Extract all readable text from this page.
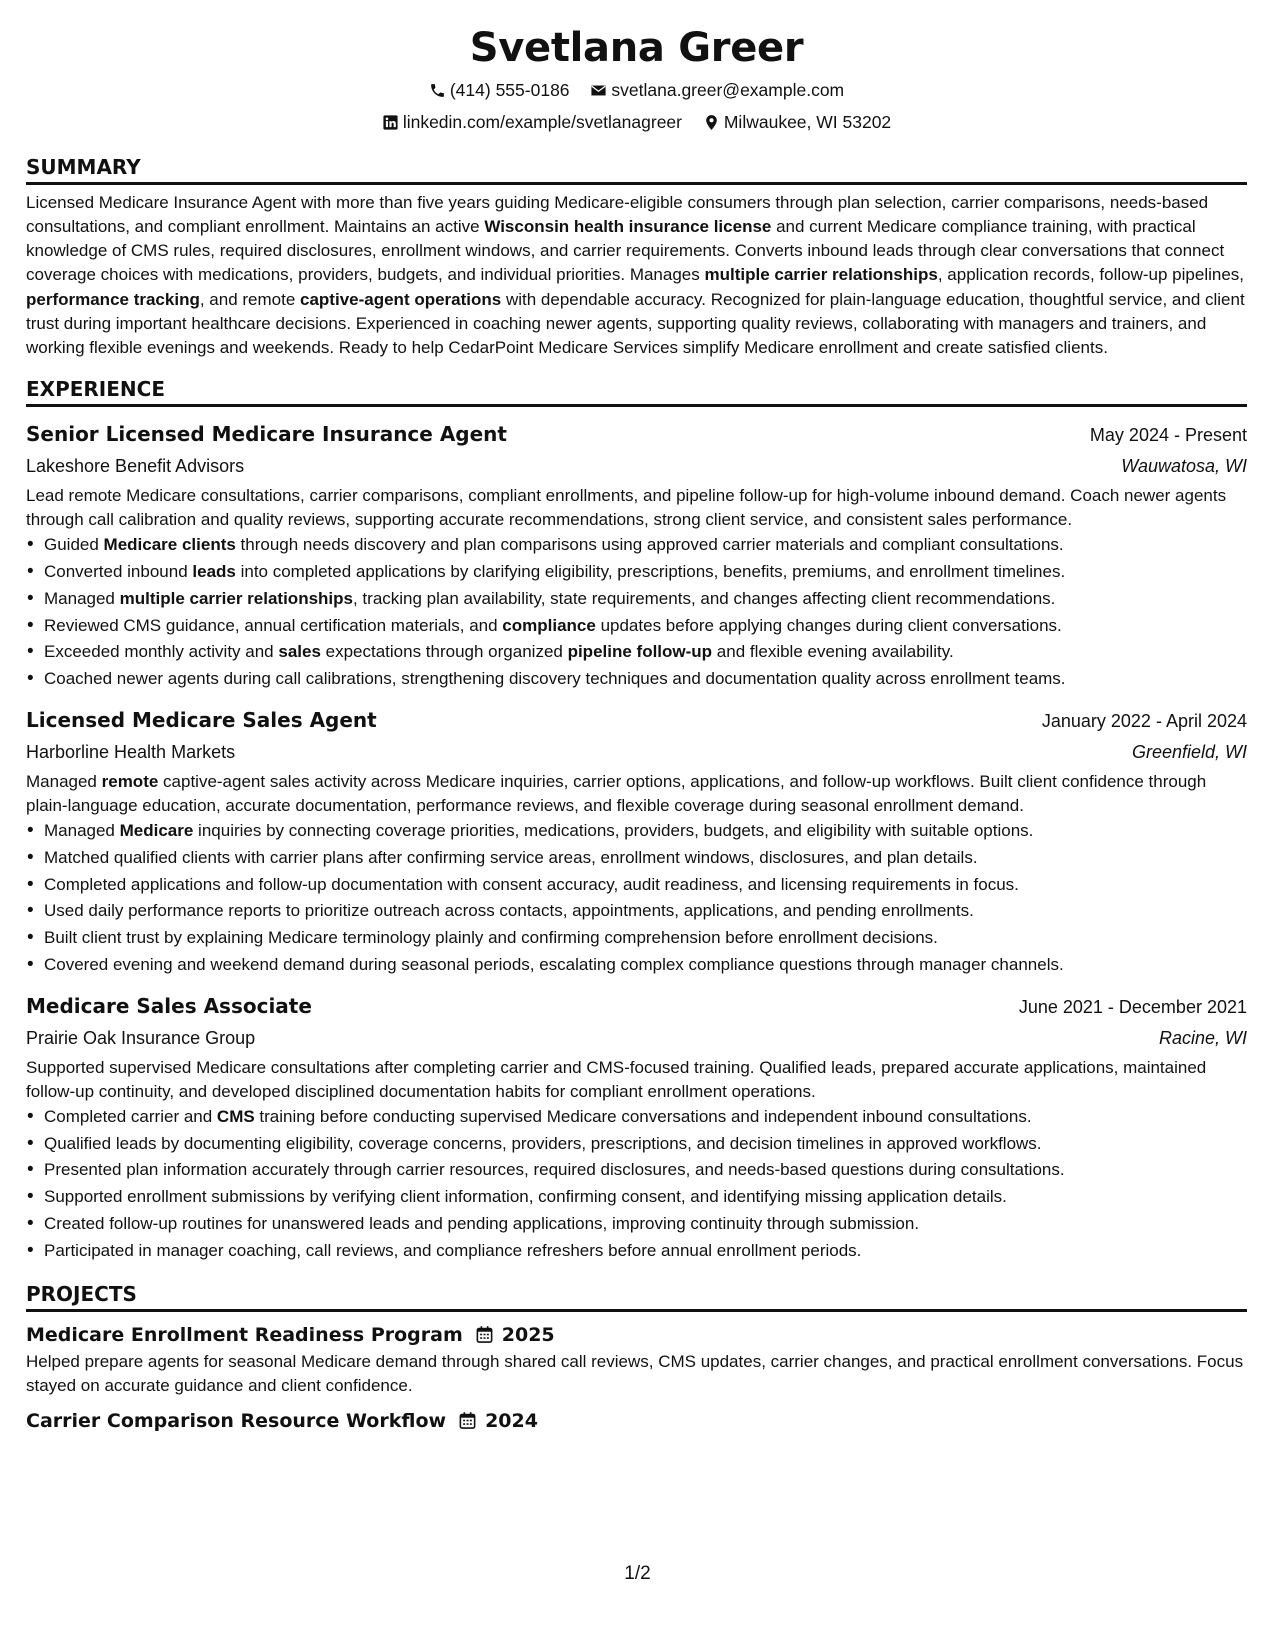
Svetlana Greer
(414) 555-0186
svetlana.greer@example.com
linkedin.com/example/svetlanagreer
Milwaukee, WI 53202
SUMMARY
Licensed Medicare Insurance Agent with more than five years guiding Medicare-eligible consumers through plan selection, carrier comparisons, needs-based consultations, and compliant enrollment. Maintains an active Wisconsin health insurance license and current Medicare compliance training, with practical knowledge of CMS rules, required disclosures, enrollment windows, and carrier requirements. Converts inbound leads through clear conversations that connect coverage choices with medications, providers, budgets, and individual priorities. Manages multiple carrier relationships, application records, follow-up pipelines, performance tracking, and remote captive-agent operations with dependable accuracy. Recognized for plain-language education, thoughtful service, and client trust during important healthcare decisions. Experienced in coaching newer agents, supporting quality reviews, collaborating with managers and trainers, and working flexible evenings and weekends. Ready to help CedarPoint Medicare Services simplify Medicare enrollment and create satisfied clients.
EXPERIENCE
Senior Licensed Medicare Insurance Agent	May 2024 - Present
Lakeshore Benefit Advisors	Wauwatosa, WI
Lead remote Medicare consultations, carrier comparisons, compliant enrollments, and pipeline follow-up for high-volume inbound demand. Coach newer agents through call calibration and quality reviews, supporting accurate recommendations, strong client service, and consistent sales performance.
• Guided Medicare clients through needs discovery and plan comparisons using approved carrier materials and compliant consultations.
• Converted inbound leads into completed applications by clarifying eligibility, prescriptions, benefits, premiums, and enrollment timelines.
• Managed multiple carrier relationships, tracking plan availability, state requirements, and changes affecting client recommendations.
• Reviewed CMS guidance, annual certification materials, and compliance updates before applying changes during client conversations.
• Exceeded monthly activity and sales expectations through organized pipeline follow-up and flexible evening availability.
• Coached newer agents during call calibrations, strengthening discovery techniques and documentation quality across enrollment teams.
Licensed Medicare Sales Agent	January 2022 - April 2024
Harborline Health Markets	Greenfield, WI
Managed remote captive-agent sales activity across Medicare inquiries, carrier options, applications, and follow-up workflows. Built client confidence through plain-language education, accurate documentation, performance reviews, and flexible coverage during seasonal enrollment demand.
• Managed Medicare inquiries by connecting coverage priorities, medications, providers, budgets, and eligibility with suitable options.
• Matched qualified clients with carrier plans after confirming service areas, enrollment windows, disclosures, and plan details.
• Completed applications and follow-up documentation with consent accuracy, audit readiness, and licensing requirements in focus.
• Used daily performance reports to prioritize outreach across contacts, appointments, applications, and pending enrollments.
• Built client trust by explaining Medicare terminology plainly and confirming comprehension before enrollment decisions.
• Covered evening and weekend demand during seasonal periods, escalating complex compliance questions through manager channels.
Medicare Sales Associate	June 2021 - December 2021
Prairie Oak Insurance Group	Racine, WI
Supported supervised Medicare consultations after completing carrier and CMS-focused training. Qualified leads, prepared accurate applications, maintained follow-up continuity, and developed disciplined documentation habits for compliant enrollment operations.
• Completed carrier and CMS training before conducting supervised Medicare conversations and independent inbound consultations.
• Qualified leads by documenting eligibility, coverage concerns, providers, prescriptions, and decision timelines in approved workflows.
• Presented plan information accurately through carrier resources, required disclosures, and needs-based questions during consultations.
• Supported enrollment submissions by verifying client information, confirming consent, and identifying missing application details.
• Created follow-up routines for unanswered leads and pending applications, improving continuity through submission.
• Participated in manager coaching, call reviews, and compliance refreshers before annual enrollment periods.
PROJECTS
Medicare Enrollment Readiness Program 2025
Helped prepare agents for seasonal Medicare demand through shared call reviews, CMS updates, carrier changes, and practical enrollment conversations. Focus stayed on accurate guidance and client confidence.
Carrier Comparison Resource Workflow 2024
1/2
